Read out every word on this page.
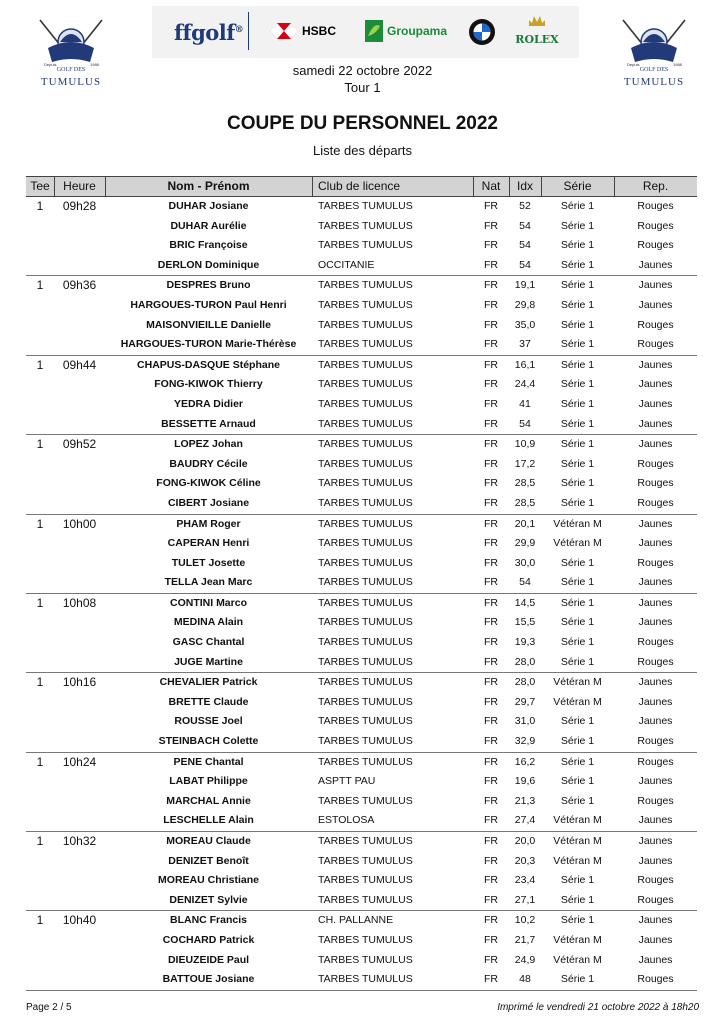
Depuis	1988
GOLF DES
TUMULUS
ffgolf®	HSBC	Groupama
ROLEX
Depuis	1988
GOLF DES
TUMULUS
samedi 22 octobre 2022
Tour 1
COUPE DU PERSONNEL 2022
Liste des départs
Tee	Heure	Nom - Prénom	Club de licence	Nat	Idx	Série	Rep.
1	09h28	DUHAR Josiane	TARBES TUMULUS	FR	52	Série 1	Rouges
DUHAR Aurélie	TARBES TUMULUS	FR	54	Série 1	Rouges
BRIC Françoise	TARBES TUMULUS	FR	54	Série 1	Rouges
DERLON Dominique	OCCITANIE	FR	54	Série 1	Jaunes
1	09h36	DESPRES Bruno	TARBES TUMULUS	FR	19,1	Série 1	Jaunes
HARGOUES-TURON Paul Henri	TARBES TUMULUS	FR	29,8	Série 1	Jaunes
MAISONVIEILLE Danielle	TARBES TUMULUS	FR	35,0	Série 1	Rouges
HARGOUES-TURON Marie-Thérèse	TARBES TUMULUS	FR	37	Série 1	Rouges
1	09h44	CHAPUS-DASQUE Stéphane	TARBES TUMULUS	FR	16,1	Série 1	Jaunes
FONG-KIWOK Thierry	TARBES TUMULUS	FR	24,4	Série 1	Jaunes
YEDRA Didier	TARBES TUMULUS	FR	41	Série 1	Jaunes
BESSETTE Arnaud	TARBES TUMULUS	FR	54	Série 1	Jaunes
1	09h52	LOPEZ Johan	TARBES TUMULUS	FR	10,9	Série 1	Jaunes
BAUDRY Cécile	TARBES TUMULUS	FR	17,2	Série 1	Rouges
FONG-KIWOK Céline	TARBES TUMULUS	FR	28,5	Série 1	Rouges
CIBERT Josiane	TARBES TUMULUS	FR	28,5	Série 1	Rouges
1	10h00	PHAM Roger	TARBES TUMULUS	FR	20,1	Vétéran M	Jaunes
CAPERAN Henri	TARBES TUMULUS	FR	29,9	Vétéran M	Jaunes
TULET Josette	TARBES TUMULUS	FR	30,0	Série 1	Rouges
TELLA Jean Marc	TARBES TUMULUS	FR	54	Série 1	Jaunes
1	10h08	CONTINI Marco	TARBES TUMULUS	FR	14,5	Série 1	Jaunes
MEDINA Alain	TARBES TUMULUS	FR	15,5	Série 1	Jaunes
GASC Chantal	TARBES TUMULUS	FR	19,3	Série 1	Rouges
JUGE Martine	TARBES TUMULUS	FR	28,0	Série 1	Rouges
1	10h16	CHEVALIER Patrick	TARBES TUMULUS	FR	28,0	Vétéran M	Jaunes
BRETTE Claude	TARBES TUMULUS	FR	29,7	Vétéran M	Jaunes
ROUSSE Joel	TARBES TUMULUS	FR	31,0	Série 1	Jaunes
STEINBACH Colette	TARBES TUMULUS	FR	32,9	Série 1	Rouges
1	10h24	PENE Chantal	TARBES TUMULUS	FR	16,2	Série 1	Rouges
LABAT Philippe	ASPTT PAU	FR	19,6	Série 1	Jaunes
MARCHAL Annie	TARBES TUMULUS	FR	21,3	Série 1	Rouges
LESCHELLE Alain	ESTOLOSA	FR	27,4	Vétéran M	Jaunes
1	10h32	MOREAU Claude	TARBES TUMULUS	FR	20,0	Vétéran M	Jaunes
DENIZET Benoît	TARBES TUMULUS	FR	20,3	Vétéran M	Jaunes
MOREAU Christiane	TARBES TUMULUS	FR	23,4	Série 1	Rouges
DENIZET Sylvie	TARBES TUMULUS	FR	27,1	Série 1	Rouges
1	10h40	BLANC Francis	CH. PALLANNE	FR	10,2	Série 1	Jaunes
COCHARD Patrick	TARBES TUMULUS	FR	21,7	Vétéran M	Jaunes
DIEUZEIDE Paul	TARBES TUMULUS	FR	24,9	Vétéran M	Jaunes
BATTOUE Josiane	TARBES TUMULUS	FR	48	Série 1	Rouges
Page 2 / 5	Imprimé le vendredi 21 octobre 2022 à 18h20
